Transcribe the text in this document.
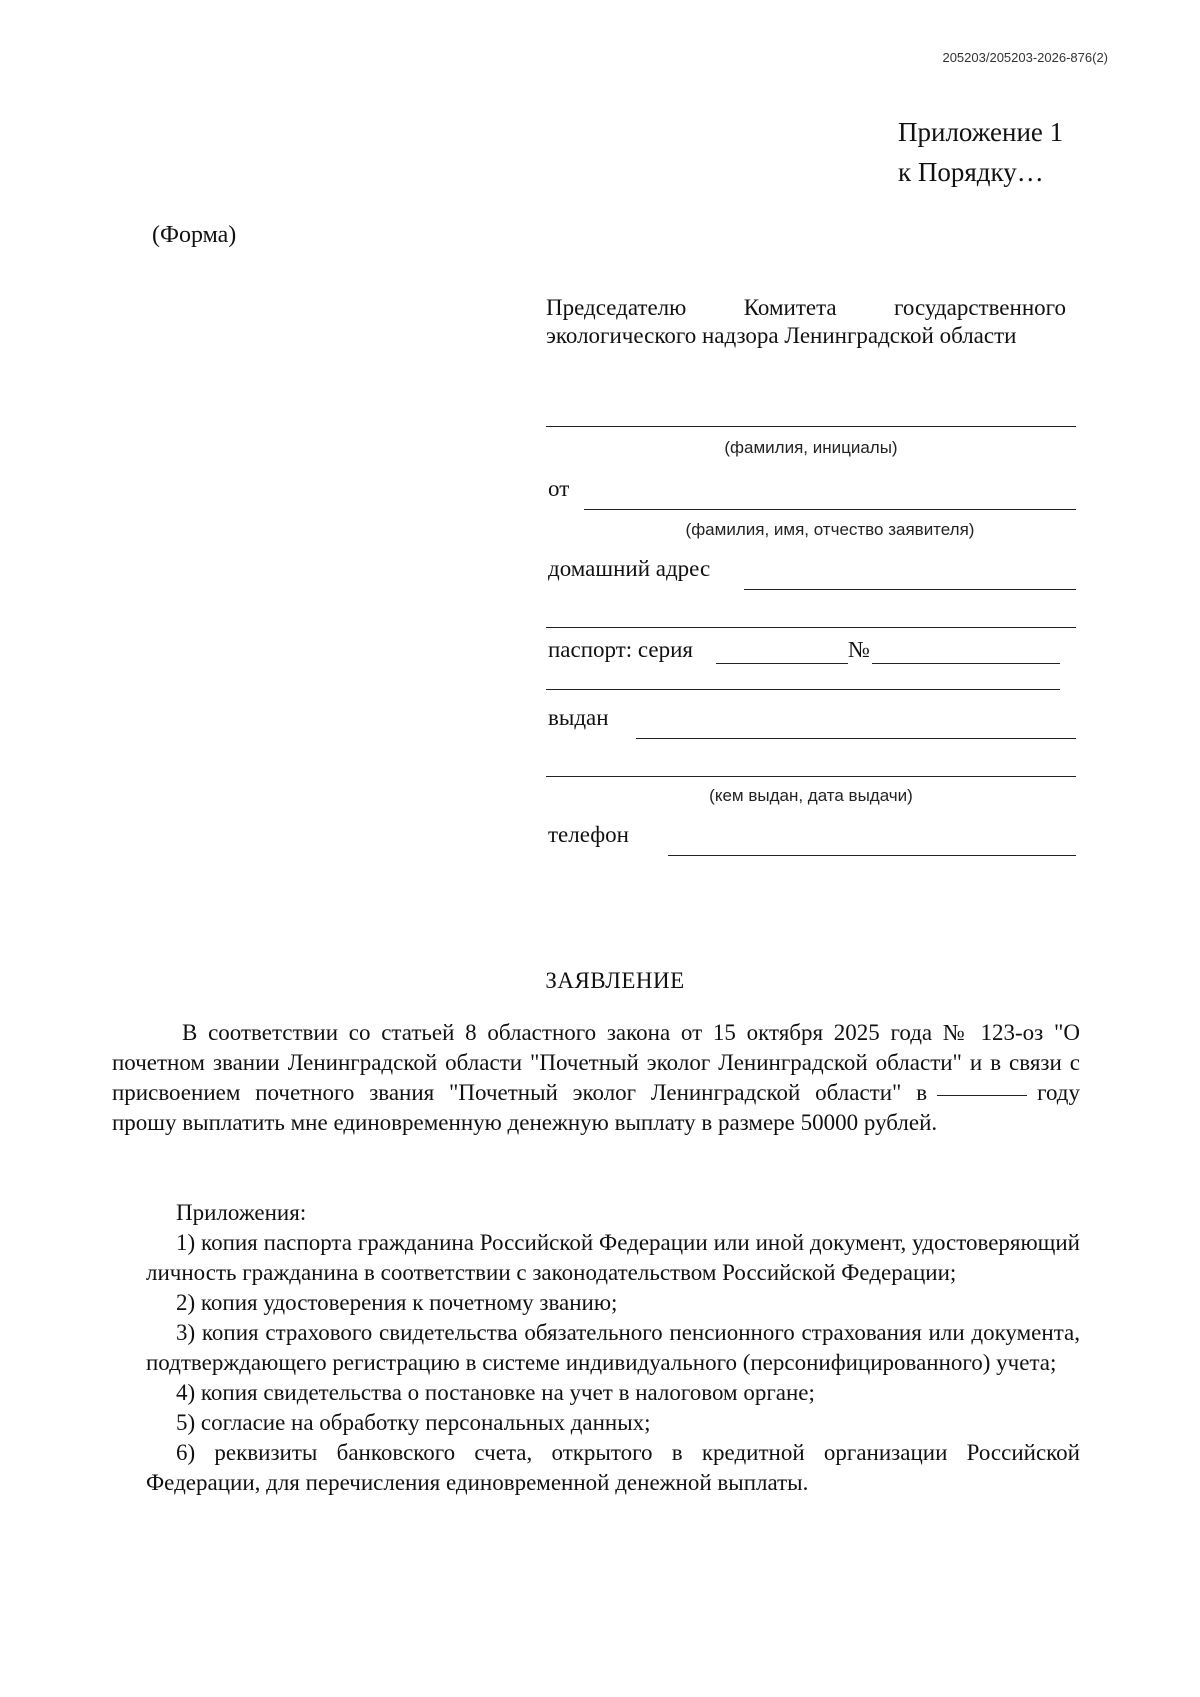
205203/205203-2026-876(2)
Приложение 1
к Порядку…
(Форма)
Председателю Комитета государственного экологического надзора Ленинградской области
(фамилия, инициалы)
от
(фамилия, имя, отчество заявителя)
домашний адрес
паспорт: серия	№
выдан
(кем выдан, дата выдачи)
телефон
ЗАЯВЛЕНИЕ
В соответствии со статьей 8 областного закона от 15 октября 2025 года № 123-оз "О почетном звании Ленинградской области "Почетный эколог Ленинградской области" и в связи с присвоением почетного звания "Почетный эколог Ленинградской области" в	году прошу выплатить мне единовременную денежную выплату в размере 50000 рублей.
Приложения:

1) копия паспорта гражданина Российской Федерации или иной документ, удостоверяющий личность гражданина в соответствии с законодательством Российской Федерации;

2) копия удостоверения к почетному званию;

3) копия страхового свидетельства обязательного пенсионного страхования или документа, подтверждающего регистрацию в системе индивидуального (персонифицированного) учета;

4) копия свидетельства о постановке на учет в налоговом органе;

5) согласие на обработку персональных данных;

6) реквизиты банковского счета, открытого в кредитной организации Российской Федерации, для перечисления единовременной денежной выплаты.
